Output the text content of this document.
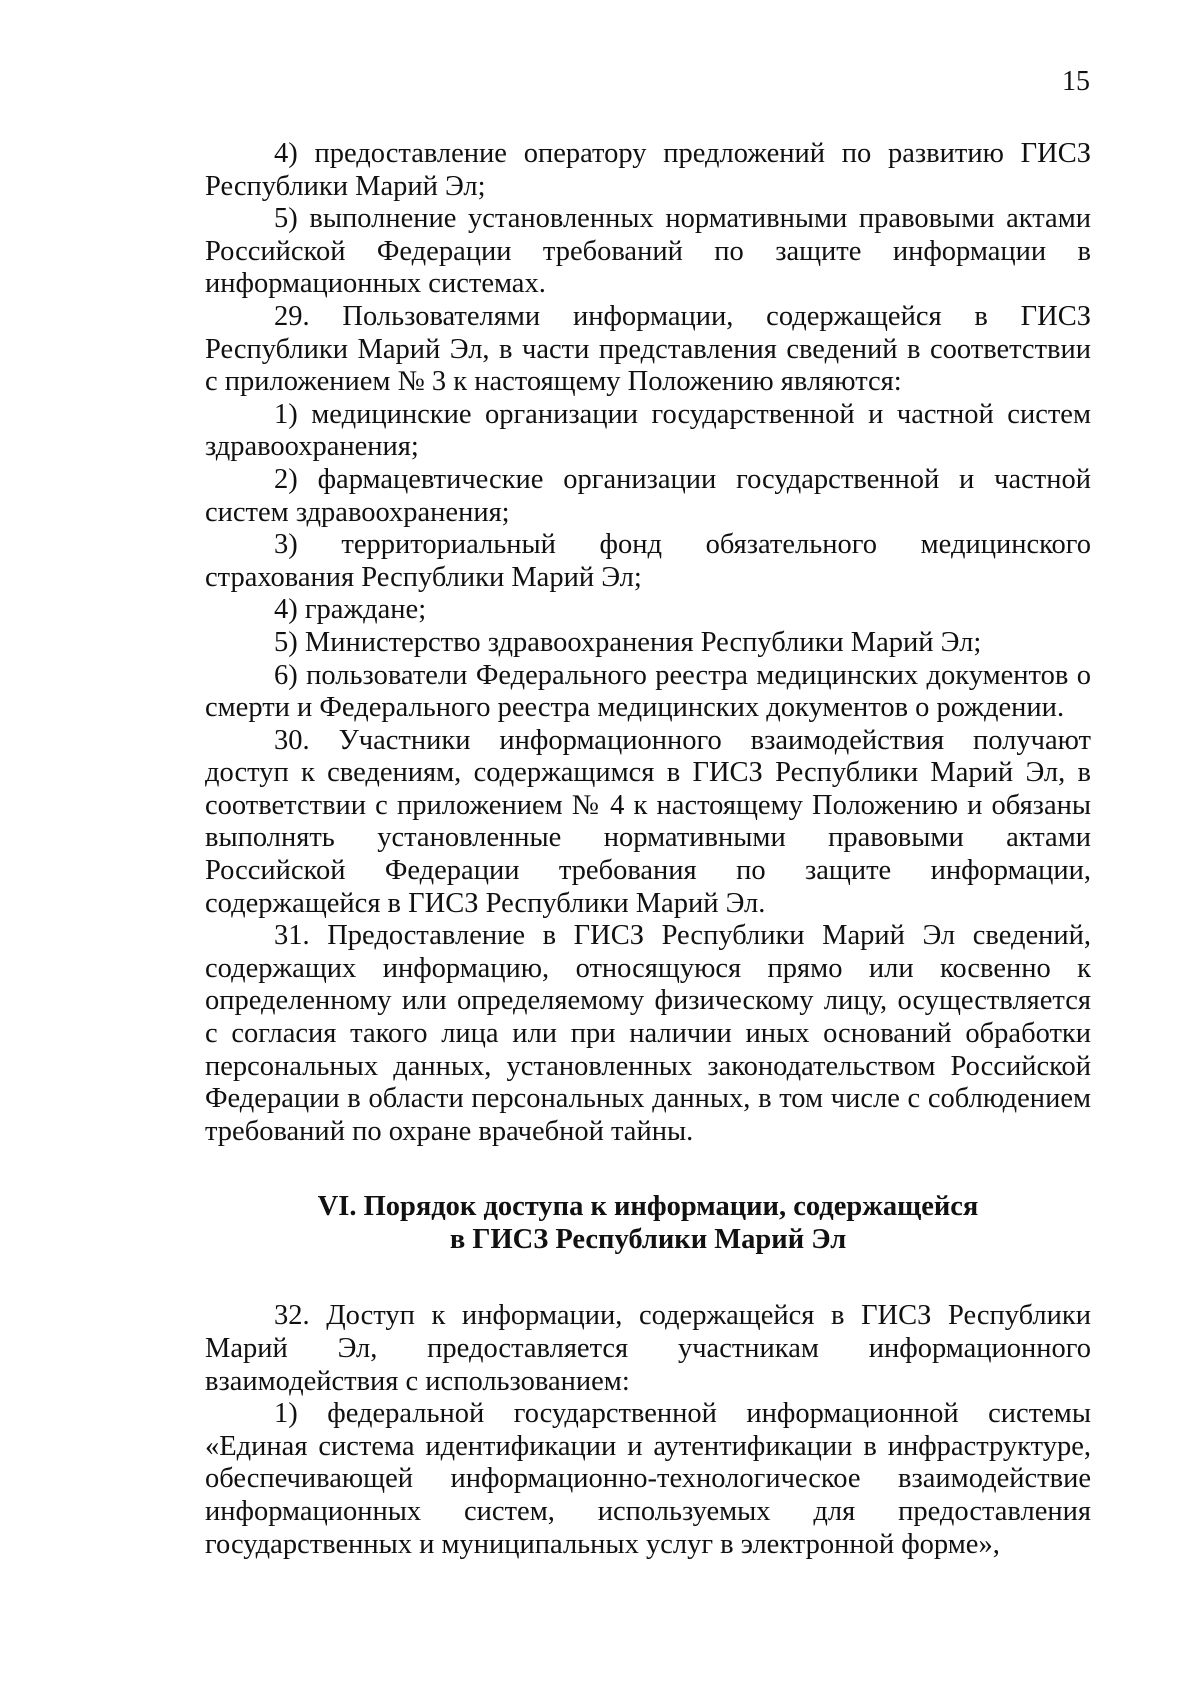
15

4) предоставление оператору предложений по развитию ГИСЗ Республики Марий Эл;

5) выполнение установленных нормативными правовыми актами Российской Федерации требований по защите информации в информационных системах.

29. Пользователями информации, содержащейся в ГИСЗ Республики Марий Эл, в части представления сведений в соответствии с приложением № 3 к настоящему Положению являются:

1) медицинские организации государственной и частной систем здравоохранения;

2) фармацевтические организации государственной и частной систем здравоохранения;

3) территориальный фонд обязательного медицинского страхования Республики Марий Эл;

4) граждане;

5) Министерство здравоохранения Республики Марий Эл;

6) пользователи Федерального реестра медицинских документов о смерти и Федерального реестра медицинских документов о рождении.

30. Участники информационного взаимодействия получают доступ к сведениям, содержащимся в ГИСЗ Республики Марий Эл, в соответствии с приложением № 4 к настоящему Положению и обязаны выполнять установленные нормативными правовыми актами Российской Федерации требования по защите информации, содержащейся в ГИСЗ Республики Марий Эл.

31. Предоставление в ГИСЗ Республики Марий Эл сведений, содержащих информацию, относящуюся прямо или косвенно к определенному или определяемому физическому лицу, осуществляется с согласия такого лица или при наличии иных оснований обработки персональных данных, установленных законодательством Российской Федерации в области персональных данных, в том числе с соблюдением требований по охране врачебной тайны.

VI. Порядок доступа к информации, содержащейся
в ГИСЗ Республики Марий Эл

32. Доступ к информации, содержащейся в ГИСЗ Республики Марий Эл, предоставляется участникам информационного взаимодействия с использованием:

1) федеральной государственной информационной системы «Единая система идентификации и аутентификации в инфраструктуре, обеспечивающей информационно-технологическое взаимодействие информационных систем, используемых для предоставления государственных и муниципальных услуг в электронной форме»,
